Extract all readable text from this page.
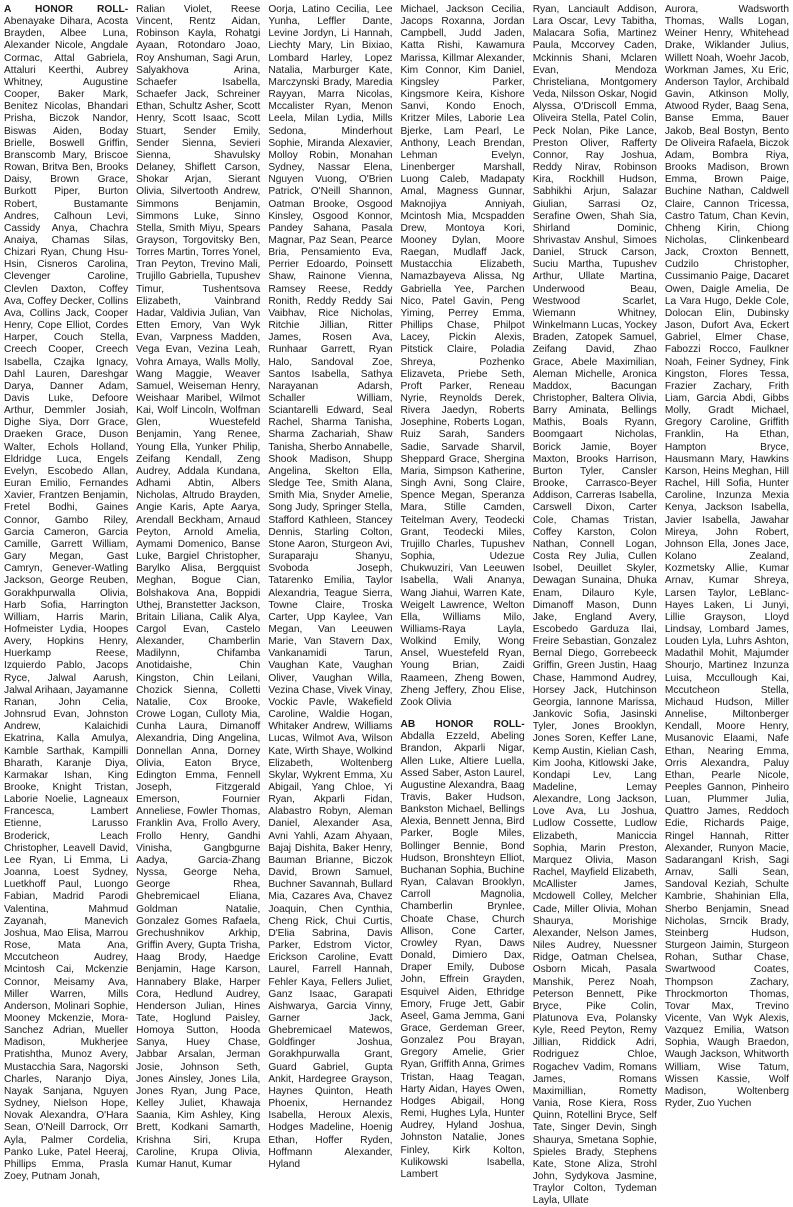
A HONOR ROLL- Abenayake Dihara, Acosta Brayden, Albee Luna, Alexander Nicole, Angdale Cormac, Attal Gabriela, Attaluri Keerthi, Aubrey Whitney, Augustine Cooper, Baker Mark, Benitez Nicolas, Bhandari Prisha, Biczok Nandor, Biswas Aiden, Boday Brielle, Boswell Griffin, Branscomb Mary, Briscoe Rowan, Britva Ben, Brooks Daisy, Brown Grace, Burkott Piper, Burton Robert, Bustamante Andres, Calhoun Levi, Cassidy Anya, Chachra Anaiya, Chamas Silas, Chizari Ryan, Chung Hsu-Hsin, Cisneros Carolina, Clevenger Caroline, Clevlen Daxton, Coffey Ava, Coffey Decker, Collins Ava, Collins Jack, Cooper Henry, Cope Elliot, Cordes Harper, Couch Stella, Creech Cooper, Creech Isabella, Czajka Ignacy, Dahl Lauren, Dareshgar Darya, Danner Adam, Davis Luke, Defoore Arthur, Demmler Josiah, Dighe Siya, Dorr Grace, Draeken Grace, Duson Walter, Echols Holland, Eldridge Luca, Engels Evelyn, Escobedo Allan, Euran Emilio, Fernandes Xavier, Frantzen Benjamin, Fretel Bodhi, Gaines Connor, Gambo Riley, Garcia Cameron, Garcia Camille, Garrett William, Gary Megan, Gast Camryn, Genever-Watling Jackson, George Reuben, Gorakhpurwalla Olivia, Harb Sofia, Harrington William, Harris Marin, Hofmeister Lydia, Hoopes Avery, Hopkins Henry, Huerkamp Reese, Izquierdo Pablo, Jacops Ryce, Jalwal Aarush, Jalwal Arihaan, Jayamanne Ranan, John Celia, Johnsrud Evan, Johnston Andrew, Kalaichidi Ekatrina, Kalla Amulya, Kamble Sarthak, Kampilli Bharath, Karanje Diya, Karmakar Ishan, King Brooke, Knight Tristan, Laborie Noelie, Lagneaux Francesca, Lambert Etienne, Larusso Broderick, Leach Christopher, Leavell David, Lee Ryan, Li Emma, Li Joanna, Loest Sydney, Luetkhoff Paul, Luongo Fabian, Madrid Parodi Valentina, Mahmud Zayanah, Manevich Joshua, Mao Elisa, Marrou Rose, Mata Ana, Mccutcheon Audrey, Mcintosh Cai, Mckenzie Connor, Meisamy Ava, Miller Warren, Mills Anderson, Molinari Sophie, Mooney Mckenzie, Mora-Sanchez Adrian, Mueller Madison, Mukherjee Pratishtha, Munoz Avery, Mustacchia Sara, Nagorski Charles, Naranjo Diya, Nayak Sanjana, Nguyen Sydney, Nielson Hope, Novak Alexandra, O'Hara Sean, O'Neill Darrock, Orr Ayla, Palmer Cordelia, Panko Luke, Patel Heeraj, Phillips Emma, Prasla Zoey, Putnam Jonah,

Ralian Violet, Reese Vincent, Rentz Aidan, Robinson Kayla, Rohatgi Ayaan, Rotondaro Joao, Roy Anshuman, Sagi Arun, Salyakhova Arina, Schaefer Isabella, Schaefer Jack, Schreiner Ethan, Schultz Asher, Scott Henry, Scott Isaac, Scott Stuart, Sender Emily, Sender Sienna, Sevieri Sienna, Shavulsky Delaney, Shiflett Carson, Shokar Arjan, Sierant Olivia, Silvertooth Andrew, Simmons Benjamin, Simmons Luke, Sinno Stella, Smith Miyu, Spears Grayson, Torgovitsky Ben, Torres Martin, Torres Yonel, Tran Peyton, Trevino Mali, Trujillo Gabriella, Tupushev Timur, Tushentsova Elizabeth, Vainbrand Hadar, Valdivia Julian, Van Etten Emory, Van Wyk Evan, Varpness Madden, Vega Evan, Vezina Leah, Vohra Amaya, Walls Molly, Wang Maggie, Weaver Samuel, Weiseman Henry, Weishaar Maribel, Wilmot Kai, Wolf Lincoln, Wolfman Glen, Wuestefeld Benjamin, Yang Renee, Young Ella, Yunker Philip, Zeifang Kendall, Zeng Audrey, Addala Kundana, Adhami Abtin, Albers Nicholas, Altrudo Brayden, Angie Karis, Apte Aarya, Arendall Beckham, Arnaud Peyton, Arnold Amelia, Aymami Domenico, Banse Luke, Bargiel Christopher, Barylko Alisa, Bergquist Meghan, Bogue Cian, Bolshakova Ana, Boppidi Uthej, Branstetter Jackson, Britain Liliana, Calik Alya, Cargol Evan, Castelo Alexander, Chamberlin Madilynn, Chifamba Anotidaishe, Chin Kingston, Chin Leilani, Chozick Sienna, Colletti Natalie, Cox Brooke, Crowe Logan, Culloty Mia, Cunha Laura, Dimanoff Alexandria, Ding Angelina, Donnellan Anna, Dorney Olivia, Eaton Bryce, Edington Emma, Fennell Joseph, Fitzgerald Emerson, Fournier Anneliese, Fowler Thomas, Franklin Ava, Frollo Avery, Frollo Henry, Gandhi Vinisha, Gangbgurne Aadya, Garcia-Zhang Nyssa, George Neha, George Rhea, Ghebremicael Eliana, Goldman Natalie, Gonzalez Gomes Rafaela, Grechushnikov Arkhip, Griffin Avery, Gupta Trisha, Haag Brody, Haedge Benjamin, Hage Karson, Hannabery Blake, Harper Cora, Hedlund Audrey, Henderson Julian, Hines Tate, Hoglund Paisley, Homoya Sutton, Hooda Sanya, Huey Chase, Jabbar Arsalan, Jerman Josie, Johnson Seth, Jones Ainsley, Jones Lila, Jones Ryan, Jung Pace, Kelley Juliet, Khawaja Saania, Kim Ashley, King Brett, Kodkani Samarth, Krishna Siri, Krupa Caroline, Krupa Olivia, Kumar Hanut, Kumar

Oorja, Latino Cecilia, Lee Yunha, Leffler Dante, Levine Jordyn, Li Hannah, Liechty Mary, Lin Bixiao, Lombard Harley, Lopez Natalia, Marburger Kate, Marczynski Brady, Maredia Rayyan, Marra Nicolas, Mccalister Ryan, Menon Leela, Milan Lydia, Mills Sedona, Minderhout Sophie, Miranda Alexavier, Molloy Robin, Monahan Sydney, Nassar Elena, Nguyen Vuong, O'Brien Patrick, O'Neill Shannon, Oatman Brooke, Osgood Kinsley, Osgood Konnor, Pandey Sahana, Pasala Magnar, Paz Sean, Pearce Bria, Pensamiento Eva, Perrier Edoardo, Poinsett Shaw, Rainone Vienna, Ramsey Reese, Reddy Ronith, Reddy Reddy Sai Vaibhav, Rice Nicholas, Ritchie Jillian, Ritter James, Rosen Ava, Runhaar Garrett, Ryan Halo, Sandoval Zoe, Santos Isabella, Sathya Narayanan Adarsh, Schaller William, Sciantarelli Edward, Seal Rachel, Sharma Tanisha, Sharma Zachariah, Shaw Tanisha, Sherbo Annabelle, Shook Madison, Shupp Angelina, Skelton Ella, Sledge Tee, Smith Alana, Smith Mia, Snyder Amelie, Song Judy, Springer Stella, Stafford Kathleen, Stancey Dennis, Starling Colton, Stone Aaron, Sturgeon Avi, Suraparaju Shanyu, Svoboda Joseph, Tatarenko Emilia, Taylor Alexandria, Teague Sierra, Towne Claire, Troska Carter, Upp Kaylee, Van Megan, Van Leeuwen Marie, Van Stavern Dax, Vankanamidi Tarun, Vaughan Kate, Vaughan Oliver, Vaughan Willa, Vezina Chase, Vivek Vinay, Vockic Pavle, Wakefield Caroline, Waldie Hogan, Whitaker Andrew, Williams Lucas, Wilmot Ava, Wilson Kate, Wirth Shaye, Wolkind Elizabeth, Woltenberg Skylar, Wykrent Emma, Xu Abigail, Yang Chloe, Yi Ryan, Akparli Fidan, Alabastro Robyn, Aleman Daniel, Alexander Asa, Avni Yahli, Azam Ahyaan, Bajaj Dishita, Baker Henry, Bauman Brianne, Biczok David, Brown Samuel, Buchner Savannah, Bullard Mia, Cazares Ava, Chavez Joaquin, Chen Cynthia, Cheng Rick, Chui Curtis, D'Elia Sabrina, Davis Parker, Edstrom Victor, Erickson Caroline, Evatt Laurel, Farrell Hannah, Fehler Kaya, Fellers Juliet, Ganz Isaac, Garapati Aishwarya, Garcia Vinny, Garner Jack, Ghebremicael Matewos, Goldfinger Joshua, Gorakhpurwalla Grant, Guard Gabriel, Gupta Ankit, Hardegree Grayson, Haynes Quinton, Heath Phoenix, Hernandez Isabella, Heroux Alexis, Hodges Madeline, Hoenig Ethan, Hoffer Ryden, Hoffmann Alexander, Hyland

Michael, Jackson Cecilia, Jacops Roxanna, Jordan Campbell, Judd Jaden, Katta Rishi, Kawamura Marissa, Killmar Alexander, Kim Connor, Kim Daniel, Kingsley Parker, Kingsmore Keira, Kishore Sanvi, Kondo Enoch, Kritzer Miles, Laborie Lea Bjerke, Lam Pearl, Le Anthony, Leach Brendan, Lehman Evelyn, Linenberger Marshall, Luong Caleb, Madapaty Amal, Magness Gunnar, Maknojiya Anniyah, Mcintosh Mia, Mcspadden Drew, Montoya Kori, Mooney Dylan, Moore Raegan, Mudlaff Jack, Mustacchia Elizabeth, Namazbayeva Alissa, Ng Gabriella Yee, Parchen Nico, Patel Gavin, Peng Yiming, Perrey Emma, Phillips Chase, Philpot Lacey, Pickin Alexis, Pitstick Claire, Poladia Shreya, Pozhenko Elizaveta, Priebe Seth, Proft Parker, Reneau Nyrie, Reynolds Derek, Rivera Jaedyn, Roberts Josephine, Roberts Logan, Ruiz Sarah, Sanders Sadie, Sarvade Sharvil, Sheppard Grace, Shergina Maria, Simpson Katherine, Singh Avni, Song Claire, Spence Megan, Speranza Mara, Stille Camden, Teitelman Avery, Teodecki Grant, Teodecki Miles, Trujillo Charles, Tupushev Sophia, Udezue Chukwuziri, Van Leeuwen Isabella, Wali Ananya, Wang Jiahui, Warren Kate, Weigelt Lawrence, Welton Ella, Williams Milo, Williams-Raya Layla, Wolkind Emily, Wong Ansel, Wuestefeld Ryan, Young Brian, Zaidi Raameen, Zheng Bowen, Zheng Jeffery, Zhou Elise, Zook Olivia

AB HONOR ROLL- Abdalla Ezzeld, Abeling Brandon, Akparli Nigar, Allen Luke, Altiere Luella, Assed Saber, Aston Laurel, Augustine Alexandra, Baag Travis, Baker Hudson, Bankston Michael, Bellings Alexia, Bennett Jenna, Bird Parker, Bogle Miles, Bollinger Bennie, Bond Hudson, Bronshteyn Elliot, Buchanan Sophia, Buchine Ryan, Calavan Brooklyn, Carroll Magnolia, Chamberlin Brynlee, Choate Chase, Church Allison, Cone Carter, Crowley Ryan, Daws Donald, Dimiero Dax, Draper Emily, Dubose John, Effrein Grayden, Esquivel Aiden, Ethridge Emory, Fruge Jett, Gabir Aseel, Gama Jemma, Gani Grace, Gerdeman Greer, Gonzalez Pou Brayan, Gregory Amelie, Grier Ryan, Griffith Anna, Grimes Tristan, Haag Teagan, Harty Aidan, Hayes Owen, Hodges Abigail, Hong Remi, Hughes Lyla, Hunter Audrey, Hyland Joshua, Johnston Natalie, Jones Finley, Kirk Kolton, Kulikowski Isabella, Lambert

Ryan, Lanciault Addison, Lara Oscar, Levy Tabitha, Malacara Sofia, Martinez Paula, Mccorvey Caden, Mckinnis Shani, Mclaren Evan, Mendoza Christeliana, Montgomery Veda, Nilsson Oskar, Nogid Alyssa, O'Driscoll Emma, Oliveira Stella, Patel Colin, Peck Nolan, Pike Lance, Preston Oliver, Rafferty Connor, Ray Joshua, Reddy Nirav, Robinson Kira, Rockhill Hudson, Sabhikhi Arjun, Salazar Giulian, Sarrasi Oz, Serafine Owen, Shah Sia, Shirland Dominic, Shrivastav Anshul, Simoes Daniel, Struck Carson, Suciu Martha, Tupushev Arthur, Ullate Martina, Underwood Beau, Westwood Scarlet, Wiemann Whitney, Winkelmann Lucas, Yockey Braden, Zatopek Samuel, Zeifang David, Zhao Grace, Abele Maximilian, Aleman Michelle, Aronica Maddox, Bacungan Christopher, Baltera Olivia, Barry Aminata, Bellings Mathis, Boals Ryann, Boomgaart Nicholas, Borick Jamie, Boyer Maxton, Brooks Harrison, Burton Tyler, Cansler Brooke, Carrasco-Beyer Addison, Carreras Isabella, Carswell Dixon, Carter Cole, Chamas Tristan, Coffey Karston, Colon Nathan, Connell Logan, Costa Rey Julia, Cullen Isobel, Deuillet Skyler, Dewagan Sunaina, Dhuka Enam, Dilauro Kyle, Dimanoff Mason, Dunn Jake, England Avery, Escobedo Garduza Ilai, Freire Sebastian, Gonzalez Bernal Diego, Gorrebeeck Griffin, Green Justin, Haag Chase, Hammond Audrey, Horsey Jack, Hutchinson Georgia, Iannone Marissa, Jankovic Sofia, Jasinski Tyler, Jones Brooklyn, Jones Soren, Keffer Lane, Kemp Austin, Kielian Cash, Kim Jooha, Kitlowski Jake, Kondapi Lev, Lang Madeline, Lemay Alexandre, Long Jackson, Love Ava, Lu Joshua, Ludlow Cossette, Ludlow Elizabeth, Maniccia Sophia, Marin Preston, Marquez Olivia, Mason Rachel, Mayfield Elizabeth, McAllister James, Mcdowell Colley, Melcher Cade, Miller Olivia, Mohan Shaurya, Morishige Alexander, Nelson James, Niles Audrey, Nuessner Ridge, Oatman Chelsea, Osborn Micah, Pasala Manshik, Perez Noah, Peterson Bennett, Pike Bryce, Pike Colin, Platunova Eva, Polansky Kyle, Reed Peyton, Remy Jillian, Riddick Adri, Rodriguez Chloe, Rogachev Vadim, Romans James, Romans Maximillian, Rometty Vania, Rose Kiera, Ross Quinn, Rotellini Bryce, Self Tate, Singer Devin, Singh Shaurya, Smetana Sophie, Spieles Brady, Stephens Kate, Stone Aliza, Strohl John, Sydykova Jasmine, Traylor Colton, Tydeman Layla, Ullate

Aurora, Wadsworth Thomas, Walls Logan, Weiner Henry, Whitehead Drake, Wiklander Julius, Willett Noah, Woehr Jacob, Workman James, Xu Eric, Anderson Taylor, Archibald Gavin, Atkinson Molly, Atwood Ryder, Baag Sena, Banse Emma, Bauer Jakob, Beal Bostyn, Bento De Oliveira Rafaela, Biczok Adam, Bombra Riya, Brooks Madison, Brown Emma, Brown Paige, Buchine Nathan, Caldwell Claire, Cannon Tricessa, Castro Tatum, Chan Kevin, Chheng Kirin, Chiong Nicholas, Clinkenbeard Jack, Croxton Bennett, Cudzilo Christopher, Cussimanio Paige, Dacaret Owen, Daigle Amelia, De La Vara Hugo, Dekle Cole, Dolocan Elin, Dubinsky Jason, Dufort Ava, Eckert Gabriel, Elmer Chase, Fabozzi Rocco, Faulkner Noah, Feiner Sydney, Fink Kingston, Flores Tessa, Frazier Zachary, Frith Liam, Garcia Abdi, Gibbs Molly, Gradt Michael, Gregory Caroline, Griffith Franklin, Ha Ethan, Hampton Bryce, Hausmann Mary, Hawkins Karson, Heins Meghan, Hill Rachel, Hill Sofia, Hunter Caroline, Inzunza Mexia Kenya, Jackson Isabella, Javier Isabella, Jawahar Mireya, John Robert, Johnson Ella, Jones Jace, Kolano Zealand, Kozmetsky Allie, Kumar Arnav, Kumar Shreya, Larsen Taylor, LeBlanc-Hayes Laken, Li Junyi, Lillie Grayson, Lloyd Lindsay, Lombard James, Louden Lyla, Luhrs Ashton, Madathil Mohit, Majumder Shourjo, Martinez Inzunza Luisa, Mccullough Kai, Mccutcheon Stella, Michaud Hudson, Miller Annelise, Miltonberger Kendall, Moore Henry, Musanovic Elaami, Nafe Ethan, Nearing Emma, Orris Alexandra, Paluy Ethan, Pearle Nicole, Peeples Gannon, Pinheiro Luan, Plummer Julia, Quattro James, Reddoch Edie, Richards Paige, Ringel Hannah, Ritter Alexander, Runyon Macie, Sadaranganl Krish, Sagi Arnav, Salli Sean, Sandoval Keziah, Schulte Kambrie, Shahinian Ella, Sherbo Benjamin, Snead Nicholas, Srncik Brady, Steinberg Hudson, Sturgeon Jaimin, Sturgeon Rohan, Suthar Chase, Swartwood Coates, Thompson Zachary, Throckmorton Thomas, Tovar Max, Trevino Vicente, Van Wyk Alexis, Vazquez Emilia, Watson Sophia, Waugh Braedon, Waugh Jackson, Whitworth William, Wise Tatum, Wissen Kassie, Wolf Madison, Woltenberg Ryder, Zuo Yuchen
